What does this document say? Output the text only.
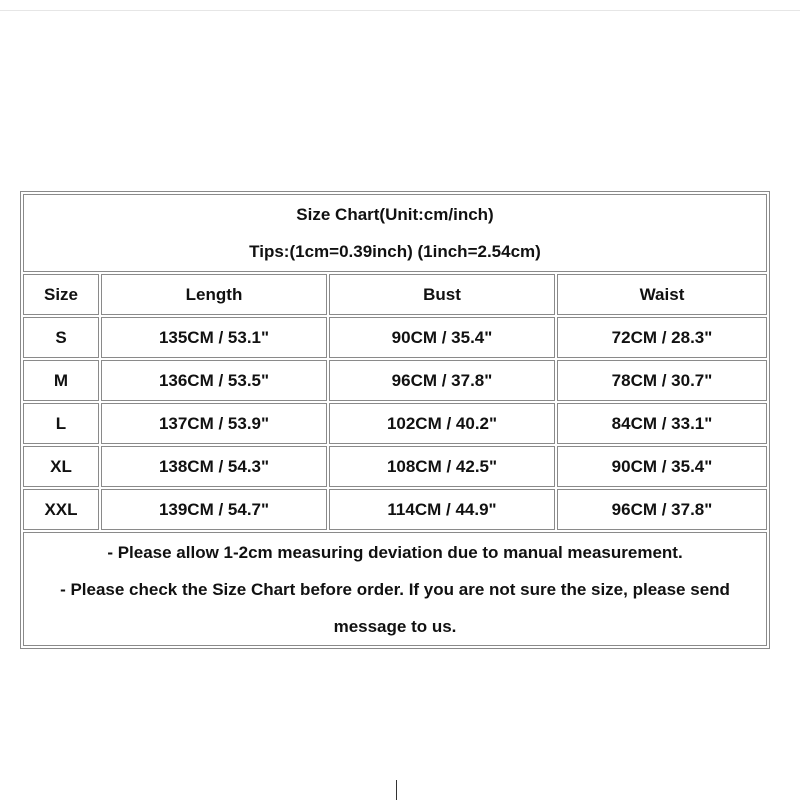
Size Chart(Unit:cm/inch)
Tips:(1cm=0.39inch) (1inch=2.54cm)			

Size	Length	Bust	Waist
S	135CM / 53.1"	90CM / 35.4"	72CM / 28.3"
M	136CM / 53.5"	96CM / 37.8"	78CM / 30.7"
L	137CM / 53.9"	102CM / 40.2"	84CM / 33.1"
XL	138CM / 54.3"	108CM / 42.5"	90CM / 35.4"
XXL	139CM / 54.7"	114CM / 44.9"	96CM / 37.8"

- Please allow 1-2cm measuring deviation due to manual measurement.
- Please check the Size Chart before order. If you are not sure the size, please send message to us.			
